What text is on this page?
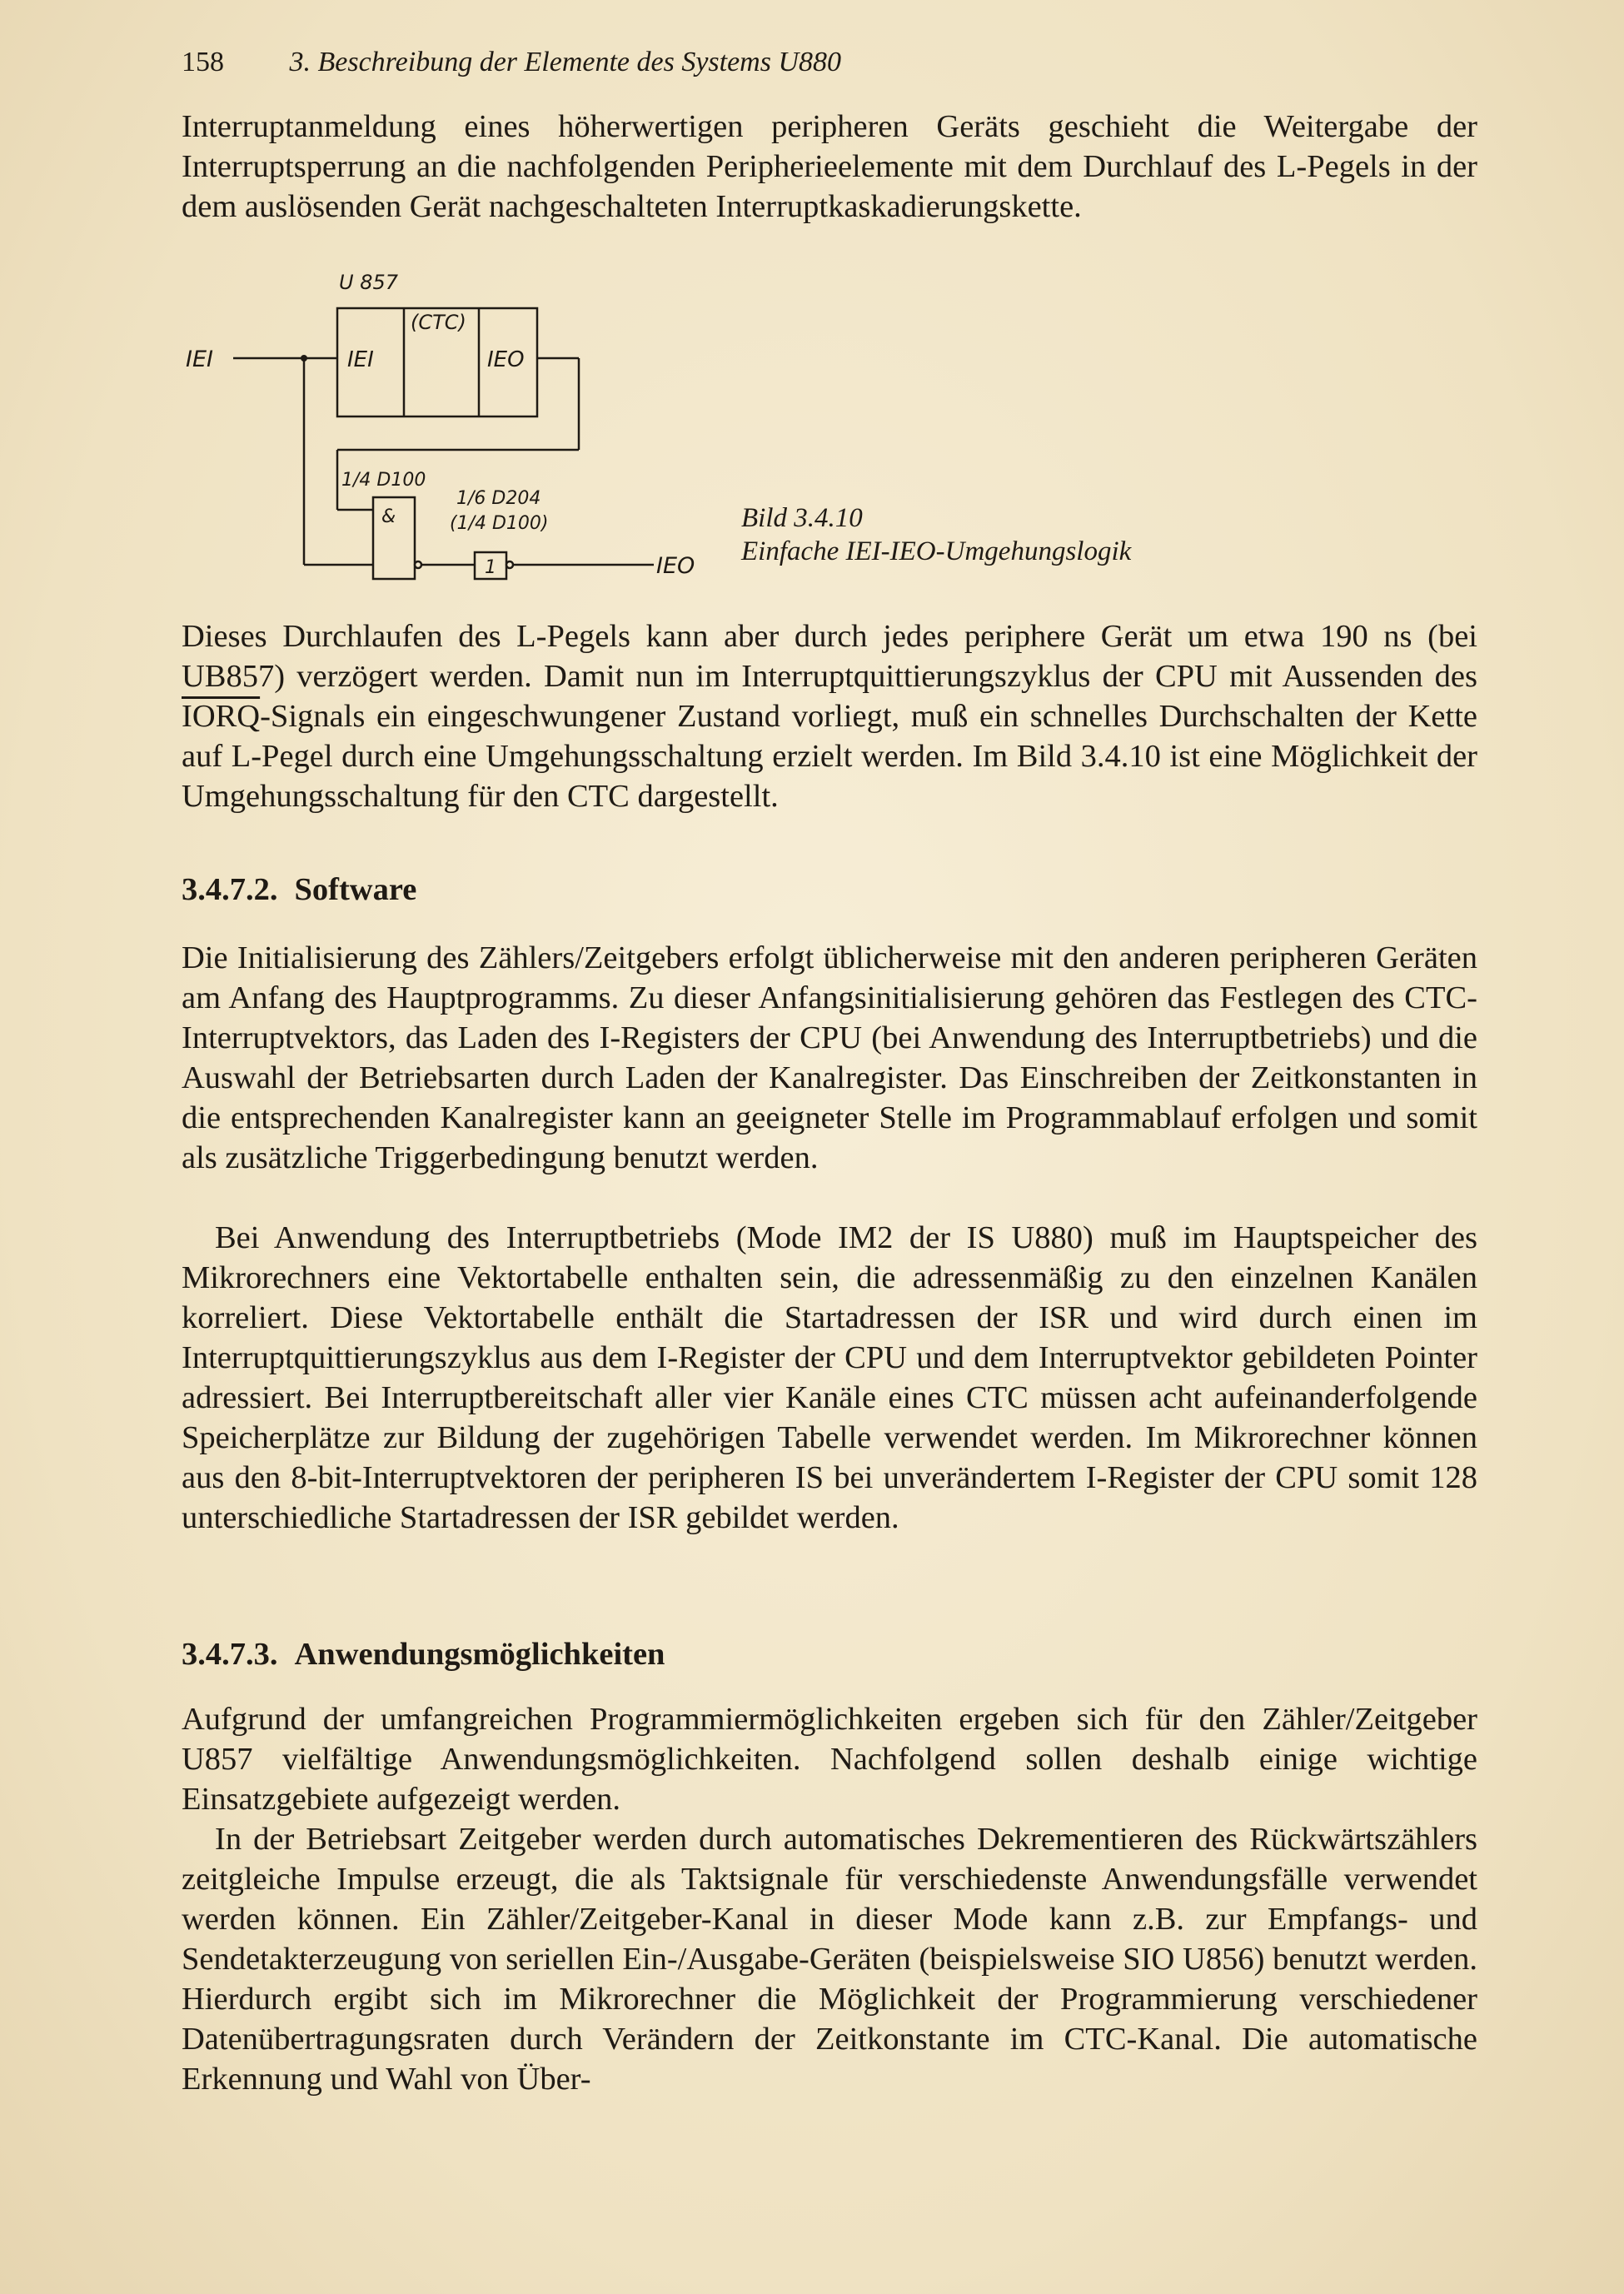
158 3. Beschreibung der Elemente des Systems U880

Interruptanmeldung eines höherwertigen peripheren Geräts geschieht die Weitergabe der Interruptsperrung an die nachfolgenden Peripherieelemente mit dem Durchlauf des L-Pegels in der dem auslösenden Gerät nachgeschalteten Interruptkaskadierungskette.

U 857
(CTC)
IEI	IEO
IEI
1/4 D100
&
1/6 D204
(1/4 D100)
1	IEO
Bild 3.4.10
Einfache IEI-IEO-Umgehungslogik

Dieses Durchlaufen des L-Pegels kann aber durch jedes periphere Gerät um etwa 190 ns (bei UB857) verzögert werden. Damit nun im Interruptquittierungszyklus der CPU mit Aussenden des IORQ-Signals ein eingeschwungener Zustand vorliegt, muß ein schnelles Durchschalten der Kette auf L-Pegel durch eine Umgehungsschaltung erzielt werden. Im Bild 3.4.10 ist eine Möglichkeit der Umgehungsschaltung für den CTC dargestellt.

3.4.7.2. Software

Die Initialisierung des Zählers/Zeitgebers erfolgt üblicherweise mit den anderen peripheren Geräten am Anfang des Hauptprogramms. Zu dieser Anfangsinitialisierung gehören das Festlegen des CTC-Interruptvektors, das Laden des I-Registers der CPU (bei Anwendung des Interruptbetriebs) und die Auswahl der Betriebsarten durch Laden der Kanalregister. Das Einschreiben der Zeitkonstanten in die entsprechenden Kanalregister kann an geeigneter Stelle im Programmablauf erfolgen und somit als zusätzliche Triggerbedingung benutzt werden.

Bei Anwendung des Interruptbetriebs (Mode IM2 der IS U880) muß im Hauptspeicher des Mikrorechners eine Vektortabelle enthalten sein, die adressenmäßig zu den einzelnen Kanälen korreliert. Diese Vektortabelle enthält die Startadressen der ISR und wird durch einen im Interruptquittierungszyklus aus dem I-Register der CPU und dem Interruptvektor gebildeten Pointer adressiert. Bei Interruptbereitschaft aller vier Kanäle eines CTC müssen acht aufeinanderfolgende Speicherplätze zur Bildung der zugehörigen Tabelle verwendet werden. Im Mikrorechner können aus den 8-bit-Interruptvektoren der peripheren IS bei unverändertem I-Register der CPU somit 128 unterschiedliche Startadressen der ISR gebildet werden.

3.4.7.3. Anwendungsmöglichkeiten

Aufgrund der umfangreichen Programmiermöglichkeiten ergeben sich für den Zähler/Zeitgeber U857 vielfältige Anwendungsmöglichkeiten. Nachfolgend sollen deshalb einige wichtige Einsatzgebiete aufgezeigt werden.

In der Betriebsart Zeitgeber werden durch automatisches Dekrementieren des Rückwärtszählers zeitgleiche Impulse erzeugt, die als Taktsignale für verschiedenste Anwendungsfälle verwendet werden können. Ein Zähler/Zeitgeber-Kanal in dieser Mode kann z.B. zur Empfangs- und Sendetakterzeugung von seriellen Ein-/Ausgabe-Geräten (beispielsweise SIO U856) benutzt werden. Hierdurch ergibt sich im Mikrorechner die Möglichkeit der Programmierung verschiedener Datenübertragungsraten durch Verändern der Zeitkonstante im CTC-Kanal. Die automatische Erkennung und Wahl von Über-
